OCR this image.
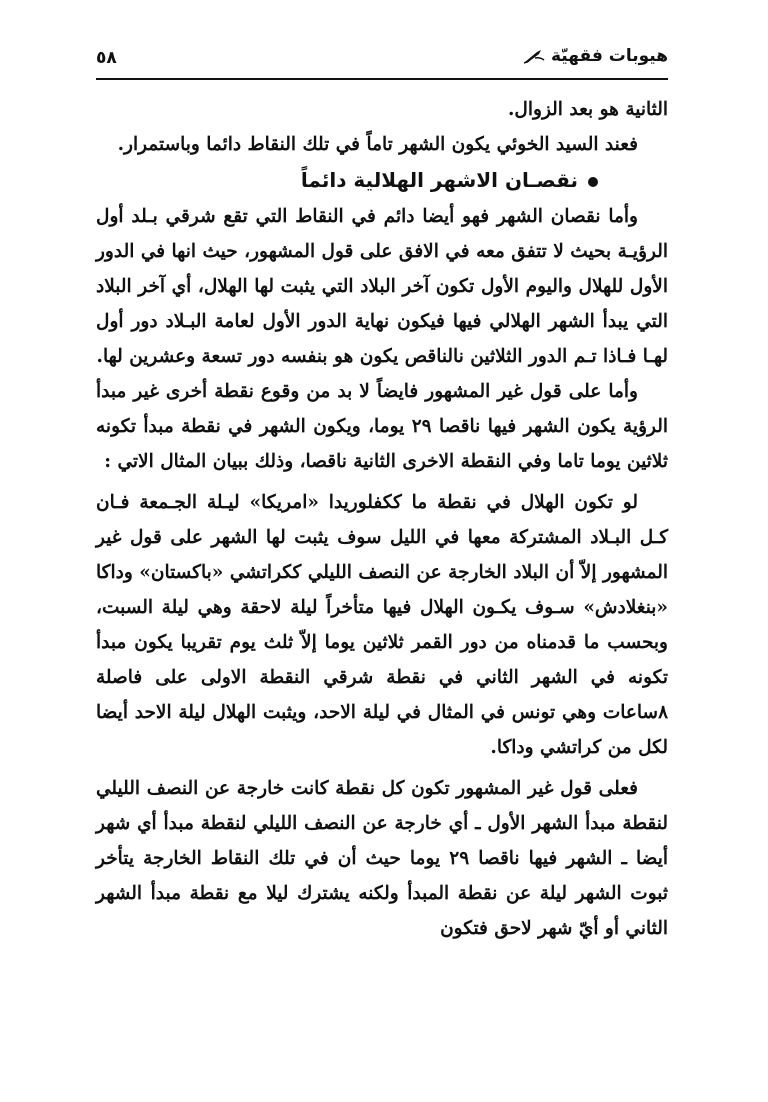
٥٨	هيوبات فقهيّة

الثانية هو بعد الزوال.

فعند السيد الخوئي يكون الشهر تاماً في تلك النقاط دائما وباستمرار.

نقصـان الاشهر الهلالية دائماً

وأما نقصان الشهر فهو أيضا دائم في النقاط التي تقع شرقي بـلد أول الرؤيـة بحيث لا تتفق معه في الافق على قول المشهور، حيث انها في الدور الأول للهلال واليوم الأول تكون آخر البلاد التي يثبت لها الهلال، أي آخر البلاد التي يبدأ الشهر الهلالي فيها فيكون نهاية الدور الأول لعامة البـلاد دور أول لهـا فـاذا تـم الدور الثلاثين نالناقص يكون هو بنفسه دور تسعة وعشرين لها.

وأما على قول غير المشهور فايضاً لا بد من وقوع نقطة أخرى غير مبدأ الرؤية يكون الشهر فيها ناقصا ٢٩ يوما، ويكون الشهر في نقطة مبدأ تكونه ثلاثين يوما تاما وفي النقطة الاخرى الثانية ناقصا، وذلك ببيان المثال الاتي :

لو تكون الهلال في نقطة ما ككفلوريدا «امريكا» ليـلة الجـمعة فـان كـل البـلاد المشتركة معها في الليل سوف يثبت لها الشهر على قول غير المشهور إلاّ أن البلاد الخارجة عن النصف الليلي ككراتشي «باكستان» وداكا «بنغلادش» سـوف يكـون الهلال فيها متأخراً ليلة لاحقة وهي ليلة السبت، وبحسب ما قدمناه من دور القمر ثلاثين يوما إلاّ ثلث يوم تقريبا يكون مبدأ تكونه في الشهر الثاني في نقطة شرقي النقطة الاولى على فاصلة ٨ساعات وهي تونس في المثال في ليلة الاحد، ويثبت الهلال ليلة الاحد أيضا لكل من كراتشي وداكا.

فعلى قول غير المشهور تكون كل نقطة كانت خارجة عن النصف الليلي لنقطة مبدأ الشهر الأول ـ أي خارجة عن النصف الليلي لنقطة مبدأ أي شهر أيضا ـ الشهر فيها ناقصا ٢٩ يوما حيث أن في تلك النقاط الخارجة يتأخر ثبوت الشهر ليلة عن نقطة المبدأ ولكنه يشترك ليلا مع نقطة مبدأ الشهر الثاني أو أيّ شهر لاحق فتكون
